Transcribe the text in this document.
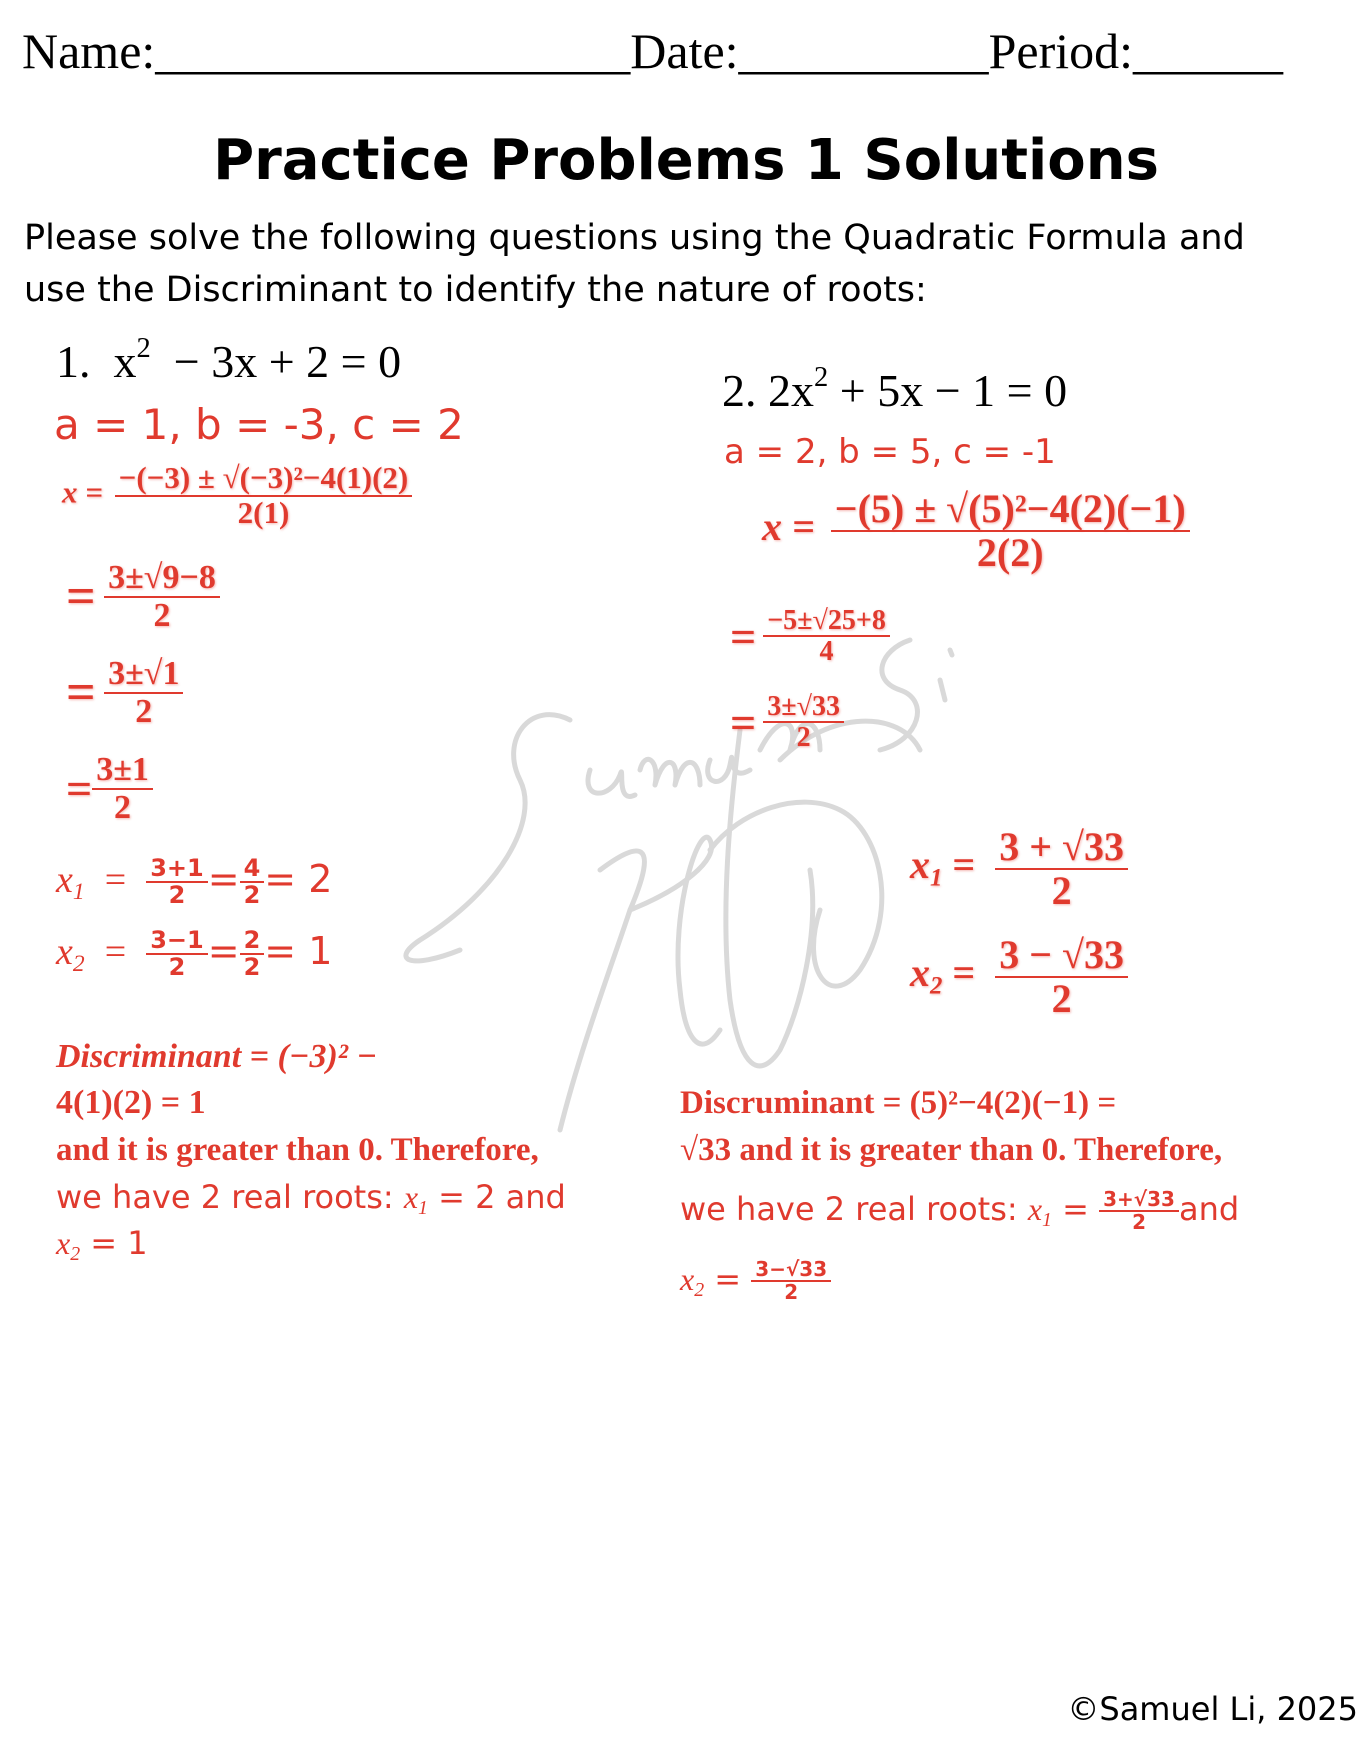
Name:___________________Date:__________Period:______
Practice Problems 1 Solutions
Please solve the following questions using the Quadratic Formula and
use the Discriminant to identify the nature of roots:
1.  $x^2 - 3x + 2 = 0$
a = 1, b = -3, c = 2
$x = \frac{\text{−(−3) ± √(−3)²−4(1)(2)}}{2(1)}$
= $\frac{3\pm√9-8}{2}$
= $\frac{3\pm√1}{2}$
= $\frac{3\pm 1}{2}$
$x_1 = \frac{3+1}{2} = \frac{4}{2} = 2$
$x_2 = \frac{3-1}{2} = \frac{2}{2} = 1$
Discriminant = (−3)² −
4(1)(2) = 1
and it is greater than 0. Therefore,
we have 2 real roots: $x_1 = 2$ and
$x_2 = 1$
2. $2x^2 + 5x - 1 = 0$
a = 2, b = 5, c = -1
$x = \frac{\text{−(5) ± √(5)²−4(2)(−1)}}{2(2)}$
= $\frac{-5\pm√25+8}{4}$
= $\frac{3\pm√33}{2}$
$x_1 = \frac{3 + √33}{2}$
$x_2 = \frac{3 - √33}{2}$
Discruminant = (5)²−4(2)(−1) =
√33 and it is greater than 0. Therefore,
we have 2 real roots: $x_1 = \frac{3+√33}{2}$ and
$x_2 = \frac{3-√33}{2}$
©Samuel Li, 2025
